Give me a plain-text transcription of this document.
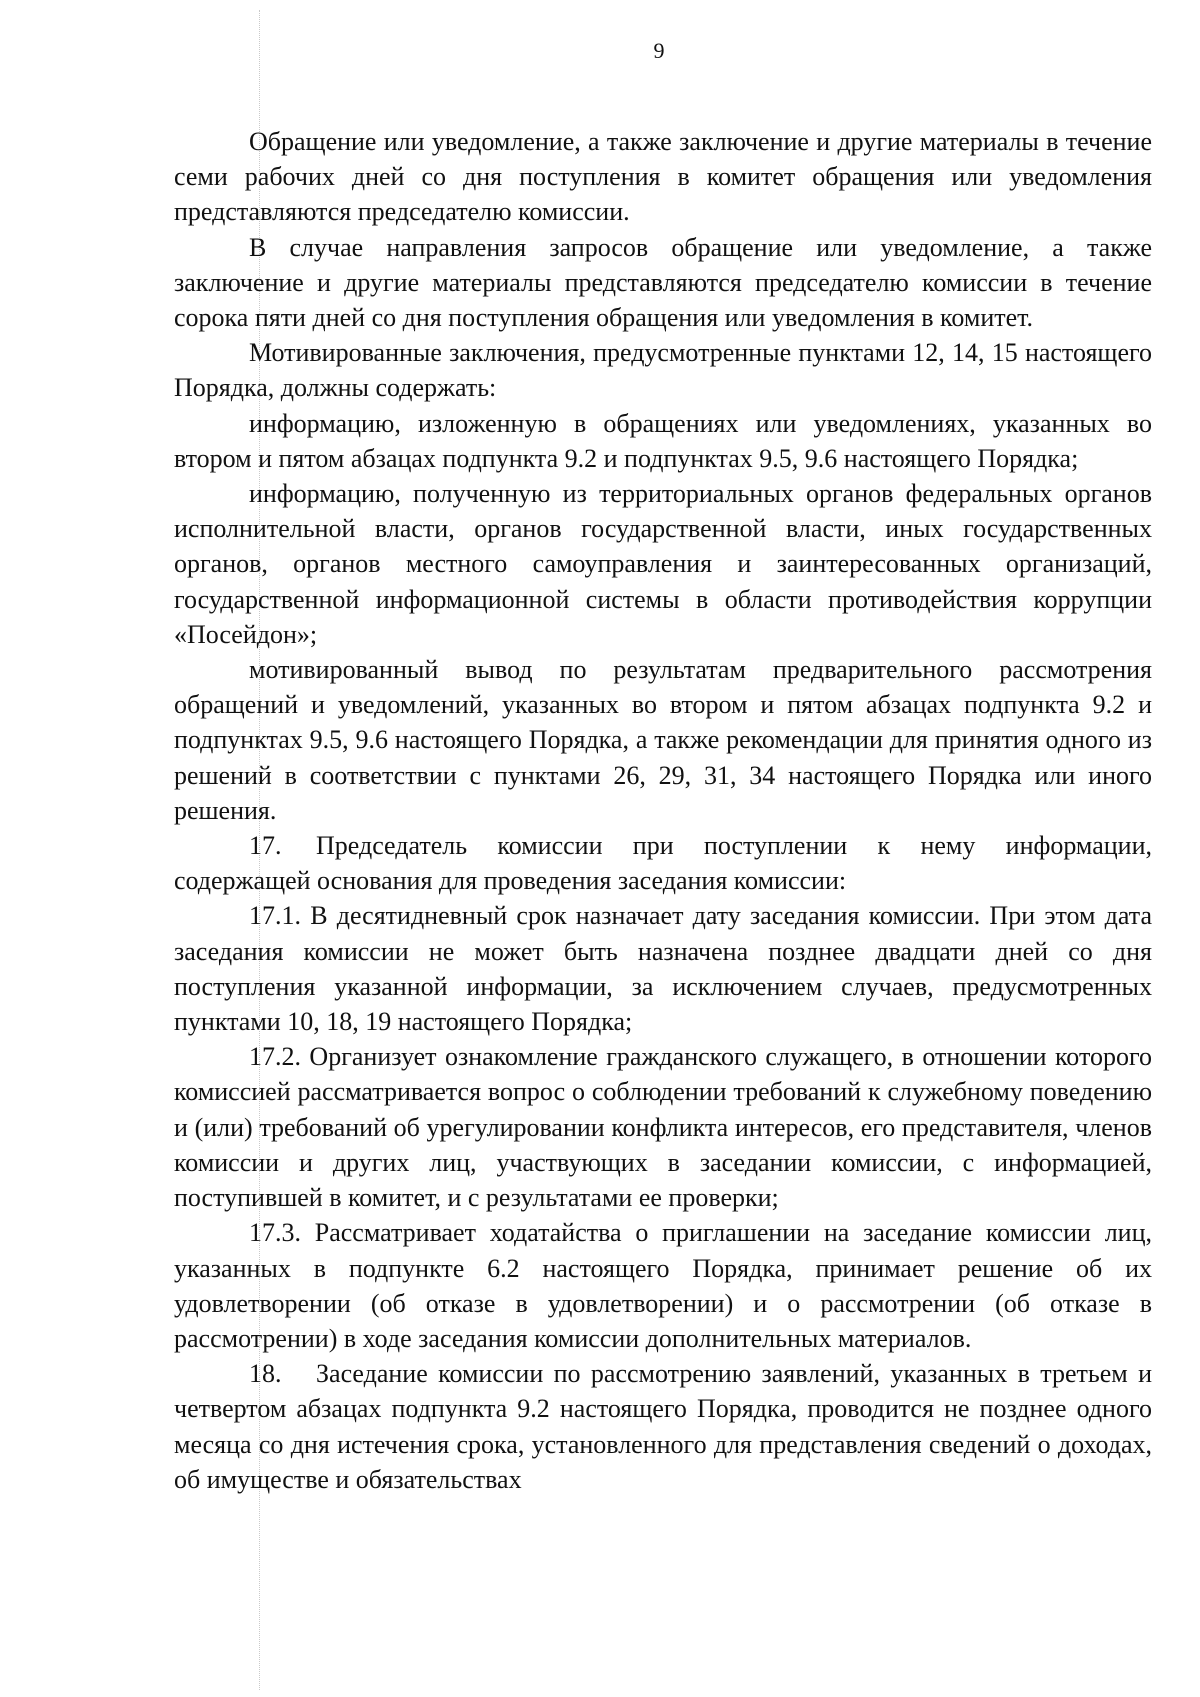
9

Обращение или уведомление, а также заключение и другие материалы в течение семи рабочих дней со дня поступления в комитет обращения или уведомления представляются председателю комиссии.

В случае направления запросов обращение или уведомление, а также заключение и другие материалы представляются председателю комиссии в течение сорока пяти дней со дня поступления обращения или уведомления в комитет.

Мотивированные заключения, предусмотренные пунктами 12, 14, 15 настоящего Порядка, должны содержать:

информацию, изложенную в обращениях или уведомлениях, указанных во втором и пятом абзацах подпункта 9.2 и подпунктах 9.5, 9.6 настоящего Порядка;

информацию, полученную из территориальных органов федеральных органов исполнительной власти, органов государственной власти, иных государственных органов, органов местного самоуправления и заинтересованных организаций, государственной информационной системы в области противодействия коррупции «Посейдон»;

мотивированный вывод по результатам предварительного рассмотрения обращений и уведомлений, указанных во втором и пятом абзацах подпункта 9.2 и подпунктах 9.5, 9.6 настоящего Порядка, а также рекомендации для принятия одного из решений в соответствии с пунктами 26, 29, 31, 34 настоящего Порядка или иного решения.

17. Председатель комиссии при поступлении к нему информации, содержащей основания для проведения заседания комиссии:

17.1. В десятидневный срок назначает дату заседания комиссии. При этом дата заседания комиссии не может быть назначена позднее двадцати дней со дня поступления указанной информации, за исключением случаев, предусмотренных пунктами 10, 18, 19 настоящего Порядка;

17.2. Организует ознакомление гражданского служащего, в отношении которого комиссией рассматривается вопрос о соблюдении требований к служебному поведению и (или) требований об урегулировании конфликта интересов, его представителя, членов комиссии и других лиц, участвующих в заседании комиссии, с информацией, поступившей в комитет, и с результатами ее проверки;

17.3. Рассматривает ходатайства о приглашении на заседание комиссии лиц, указанных в подпункте 6.2 настоящего Порядка, принимает решение об их удовлетворении (об отказе в удовлетворении) и о рассмотрении (об отказе в рассмотрении) в ходе заседания комиссии дополнительных материалов.

18. Заседание комиссии по рассмотрению заявлений, указанных в третьем и четвертом абзацах подпункта 9.2 настоящего Порядка, проводится не позднее одного месяца со дня истечения срока, установленного для представления сведений о доходах, об имуществе и обязательствах
